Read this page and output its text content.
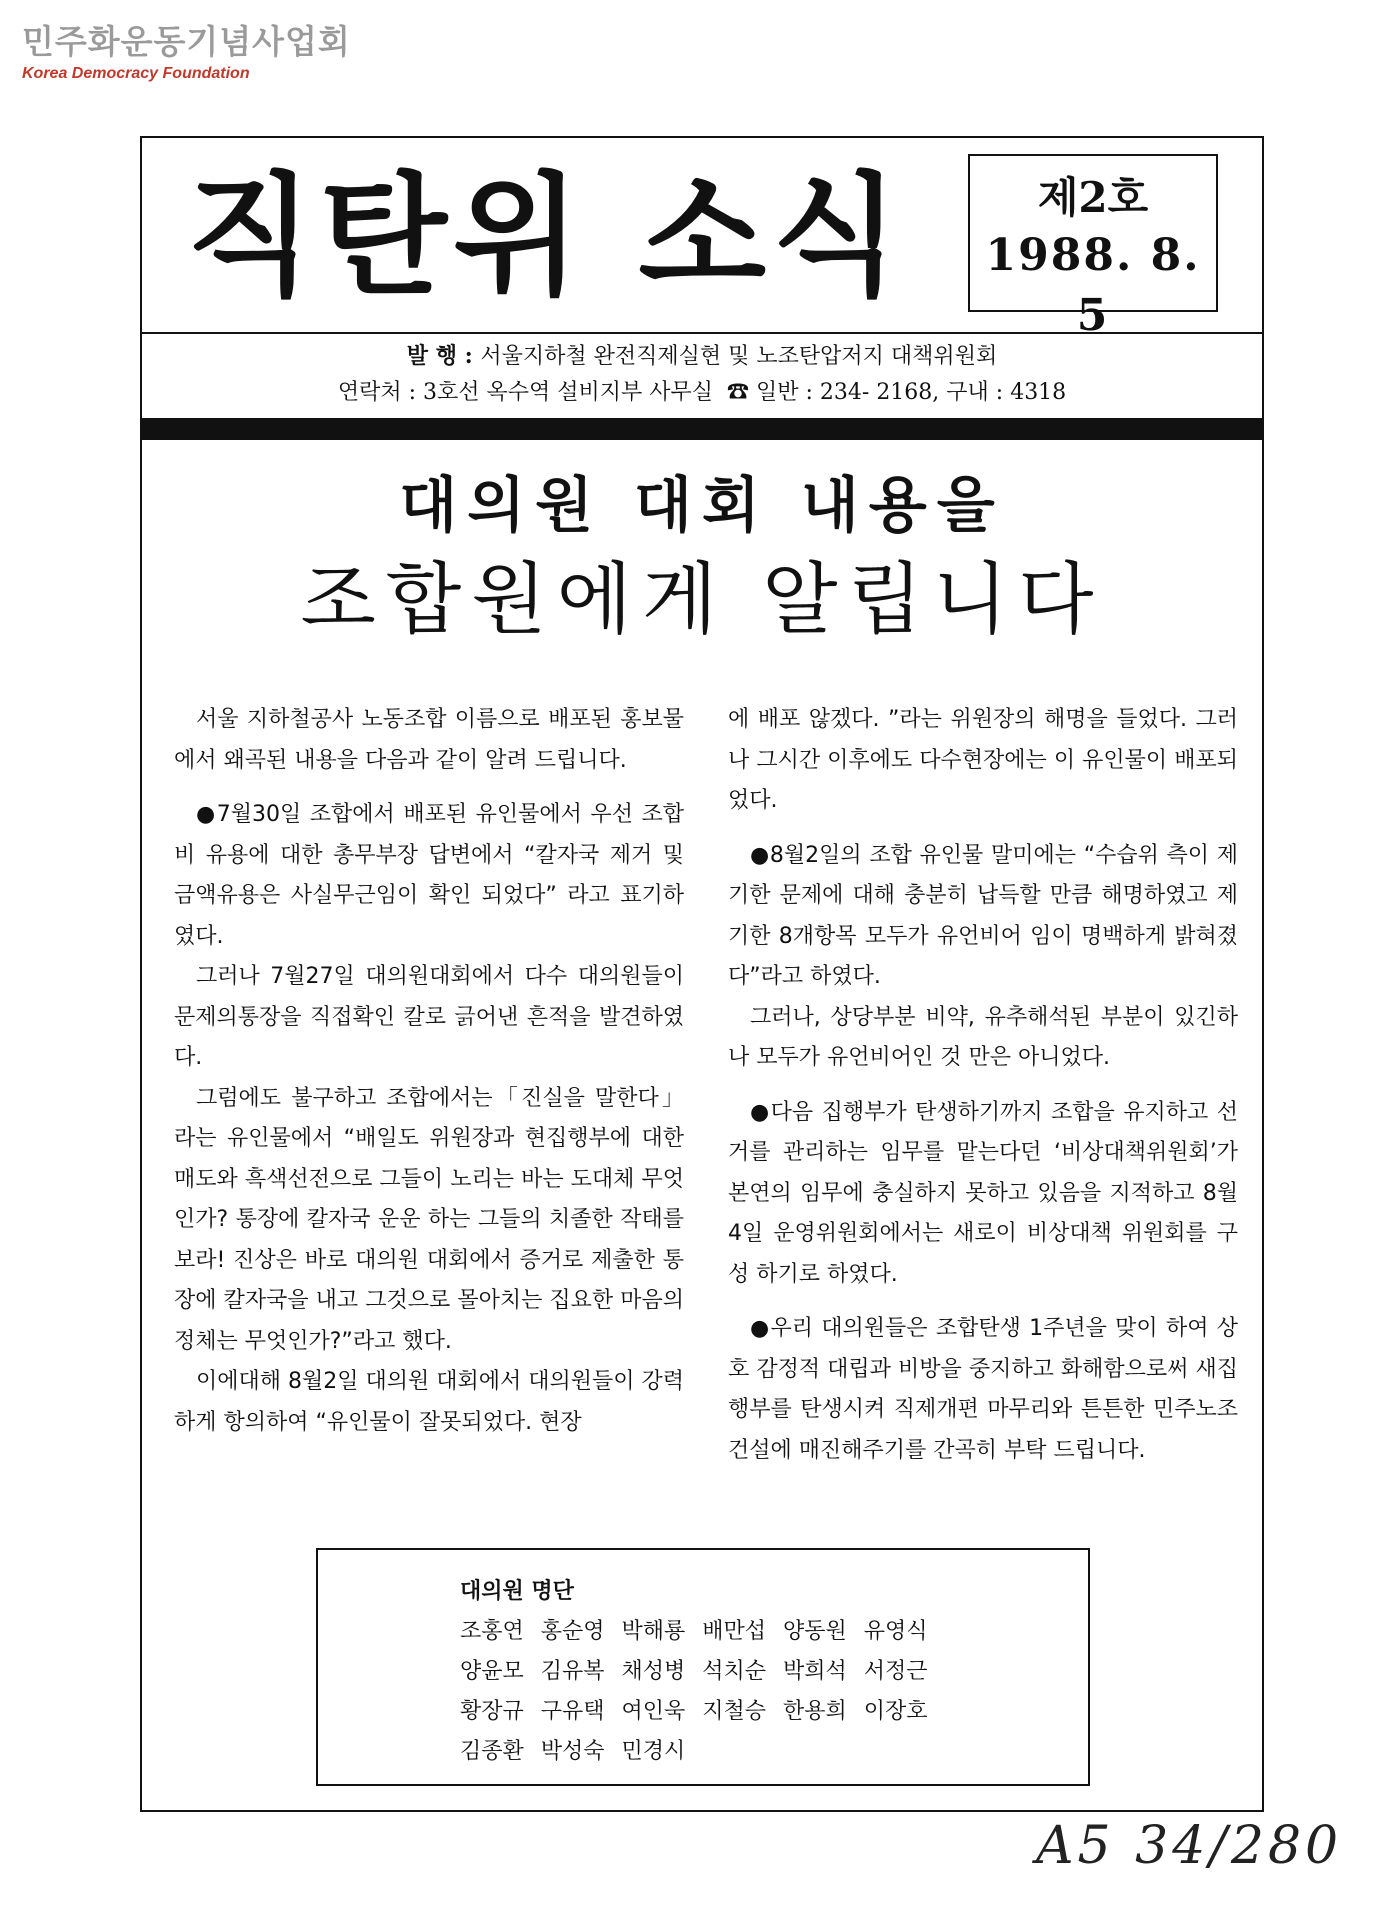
민주화운동기념사업회
Korea Democracy Foundation
직탄위 소식	제2호
1988. 8. 5
발 행 : 서울지하철 완전직제실현 및 노조탄압저지 대책위원회
연락처 : 3호선 옥수역 설비지부 사무실 ☎ 일반 : 234- 2168, 구내 : 4318
대의원 대회 내용을
조합원에게 알립니다

서울 지하철공사 노동조합 이름으로 배포된 홍보물에서 왜곡된 내용을 다음과 같이 알려 드립니다.

●7월30일 조합에서 배포된 유인물에서 우선 조합비 유용에 대한 총무부장 답변에서 “칼자국 제거 및 금액유용은 사실무근임이 확인 되었다” 라고 표기하였다.

그러나 7월27일 대의원대회에서 다수 대의원들이 문제의통장을 직접확인 칼로 긁어낸 흔적을 발견하였다.

그럼에도 불구하고 조합에서는「진실을 말한다」라는 유인물에서 “배일도 위원장과 현집행부에 대한 매도와 흑색선전으로 그들이 노리는 바는 도대체 무엇인가? 통장에 칼자국 운운 하는 그들의 치졸한 작태를 보라! 진상은 바로 대의원 대회에서 증거로 제출한 통장에 칼자국을 내고 그것으로 몰아치는 집요한 마음의 정체는 무엇인가?”라고 했다.

이에대해 8월2일 대의원 대회에서 대의원들이 강력하게 항의하여 “유인물이 잘못되었다. 현장

에 배포 않겠다. ”라는 위원장의 해명을 들었다. 그러나 그시간 이후에도 다수현장에는 이 유인물이 배포되었다.

●8월2일의 조합 유인물 말미에는 “수습위 측이 제기한 문제에 대해 충분히 납득할 만큼 해명하였고 제기한 8개항목 모두가 유언비어 임이 명백하게 밝혀졌다”라고 하였다.

그러나, 상당부분 비약, 유추해석된 부분이 있긴하나 모두가 유언비어인 것 만은 아니었다.

●다음 집행부가 탄생하기까지 조합을 유지하고 선거를 관리하는 임무를 맡는다던 ‘비상대책위원회’가 본연의 임무에 충실하지 못하고 있음을 지적하고 8월4일 운영위원회에서는 새로이 비상대책 위원회를 구성 하기로 하였다.

●우리 대의원들은 조합탄생 1주년을 맞이 하여 상호 감정적 대립과 비방을 중지하고 화해함으로써 새집행부를 탄생시켜 직제개편 마무리와 튼튼한 민주노조 건설에 매진해주기를 간곡히 부탁 드립니다.

대의원 명단
조홍연 홍순영 박해룡 배만섭 양동원 유영식
양윤모 김유복 채성병 석치순 박희석 서정근
황장규 구유택 여인욱 지철승 한용희 이장호
김종환 박성숙 민경시
A5 34/280
